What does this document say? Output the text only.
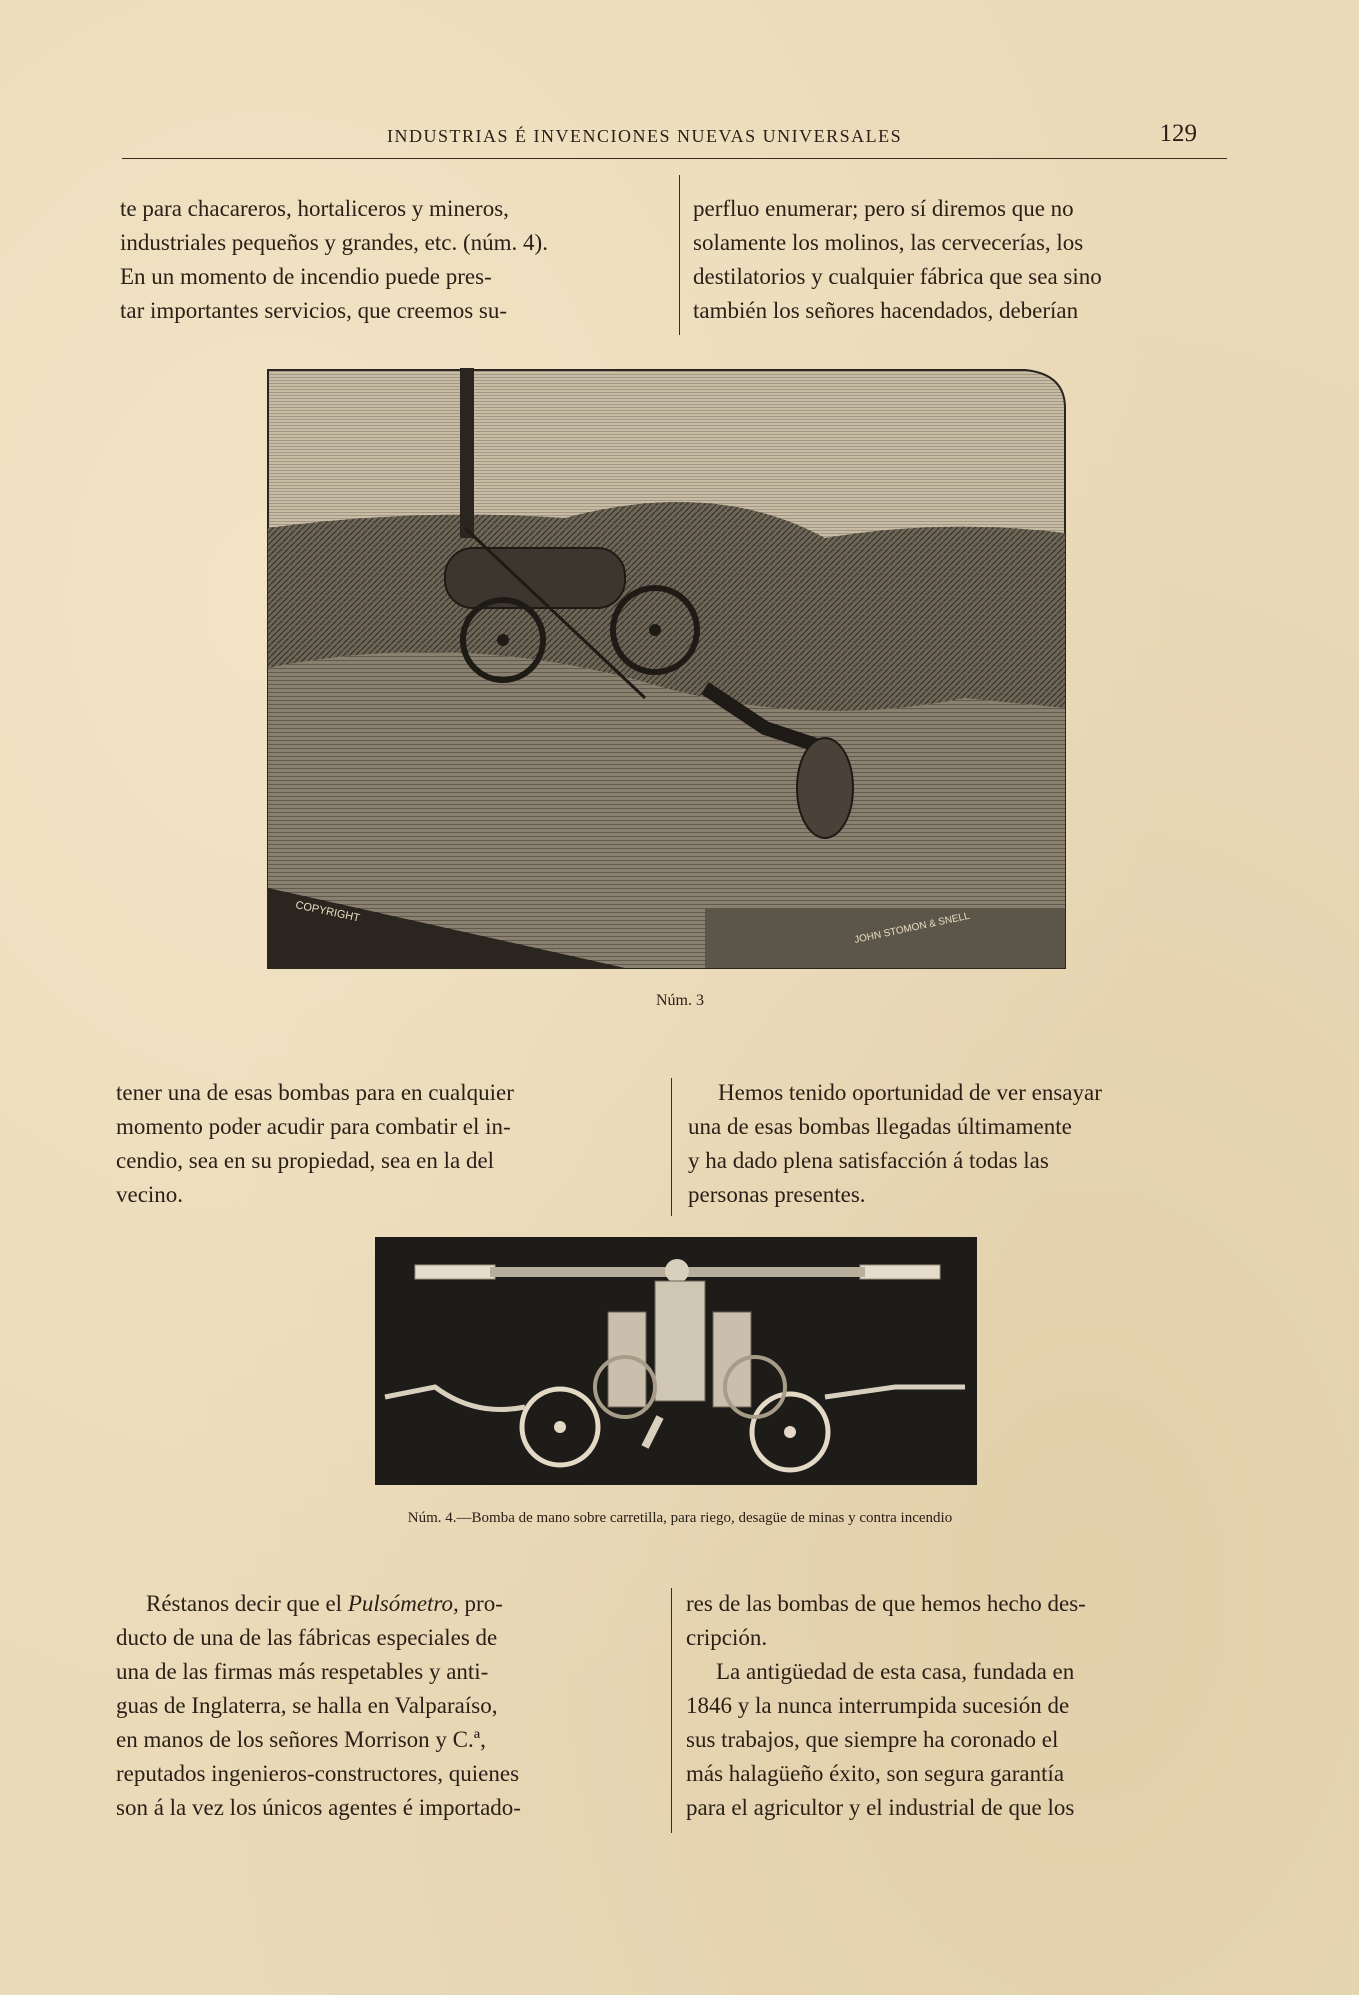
INDUSTRIAS É INVENCIONES NUEVAS UNIVERSALES	129

te para chacareros, hortaliceros y mineros,

industriales pequeños y grandes, etc. (núm. 4).

En un momento de incendio puede pres-

tar importantes servicios, que creemos su-

perfluo enumerar; pero sí diremos que no

solamente los molinos, las cervecerías, los

destilatorios y cualquier fábrica que sea sino

también los señores hacendados, deberían

COPYRIGHT	JOHN STOMON & SNELL
Núm. 3

tener una de esas bombas para en cualquier

momento poder acudir para combatir el in-

cendio, sea en su propiedad, sea en la del

vecino.

Hemos tenido oportunidad de ver ensayar

una de esas bombas llegadas últimamente

y ha dado plena satisfacción á todas las

personas presentes.

Núm. 4.—Bomba de mano sobre carretilla, para riego, desagüe de minas y contra incendio

Réstanos decir que el Pulsómetro, pro-

ducto de una de las fábricas especiales de

una de las firmas más respetables y anti-

guas de Inglaterra, se halla en Valparaíso,

en manos de los señores Morrison y C.ª,

reputados ingenieros-constructores, quienes

son á la vez los únicos agentes é importado-

res de las bombas de que hemos hecho des-

cripción.

La antigüedad de esta casa, fundada en

1846 y la nunca interrumpida sucesión de

sus trabajos, que siempre ha coronado el

más halagüeño éxito, son segura garantía

para el agricultor y el industrial de que los
